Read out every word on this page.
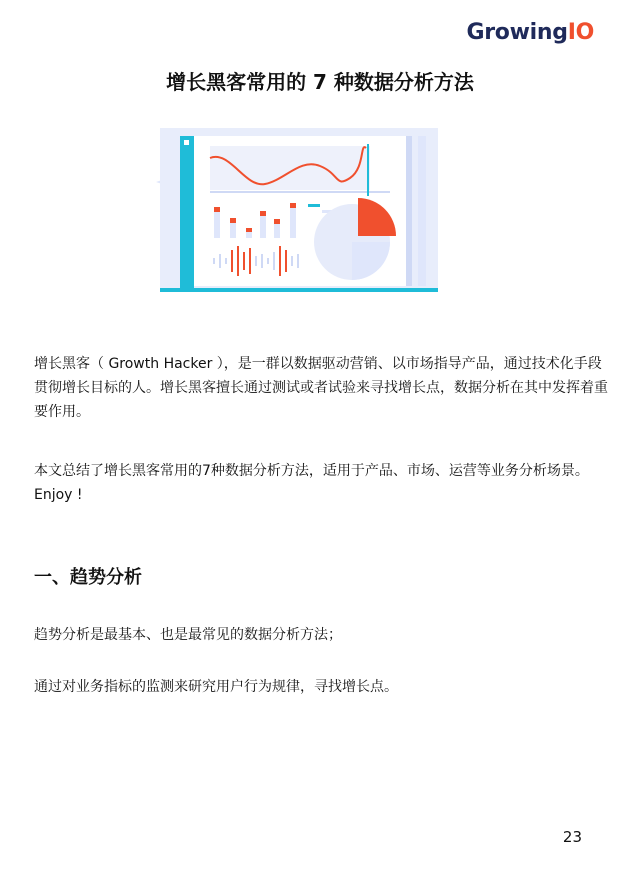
Growing IO
增长黑客常用的 7 种数据分析方法
增长黑客（ Growth Hacker ），是一群以数据驱动营销、以市场指导产品，通过技术化手段贯彻增长目标的人。增长黑客擅长通过测试或者试验来寻找增长点，数据分析在其中发挥着重要作用。
本文总结了增长黑客常用的7种数据分析方法，适用于产品、市场、运营等业务分析场景。Enjoy !
一、趋势分析
趋势分析是最基本、也是最常见的数据分析方法；
通过对业务指标的监测来研究用户行为规律，寻找增长点。
23
